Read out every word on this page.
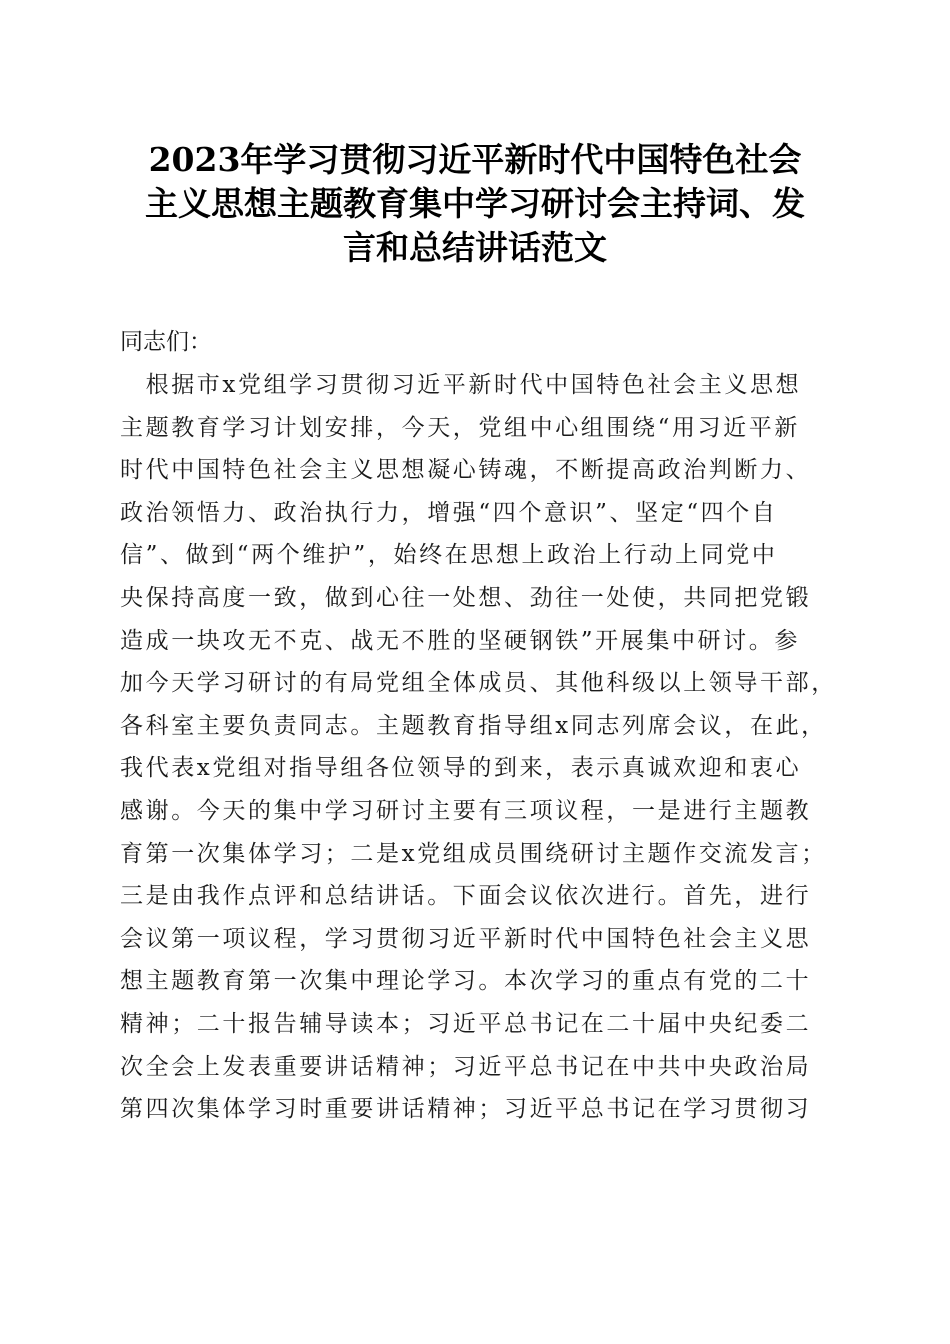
2023年学习贯彻习近平新时代中国特色社会
主义思想主题教育集中学习研讨会主持词、发
言和总结讲话范文

同志们：

　根据市x党组学习贯彻习近平新时代中国特色社会主义思想
主题教育学习计划安排，今天，党组中心组围绕“用习近平新
时代中国特色社会主义思想凝心铸魂，不断提高政治判断力、
政治领悟力、政治执行力，增强“四个意识”、坚定“四个自
信”、做到“两个维护”，始终在思想上政治上行动上同党中
央保持高度一致，做到心往一处想、劲往一处使，共同把党锻
造成一块攻无不克、战无不胜的坚硬钢铁”开展集中研讨。参
加今天学习研讨的有局党组全体成员、其他科级以上领导干部，
各科室主要负责同志。主题教育指导组x同志列席会议，在此，
我代表x党组对指导组各位领导的到来，表示真诚欢迎和衷心
感谢。今天的集中学习研讨主要有三项议程，一是进行主题教
育第一次集体学习；二是x党组成员围绕研讨主题作交流发言；
三是由我作点评和总结讲话。下面会议依次进行。首先，进行
会议第一项议程，学习贯彻习近平新时代中国特色社会主义思
想主题教育第一次集中理论学习。本次学习的重点有党的二十
精神；二十报告辅导读本；习近平总书记在二十届中央纪委二
次全会上发表重要讲话精神；习近平总书记在中共中央政治局
第四次集体学习时重要讲话精神；习近平总书记在学习贯彻习
